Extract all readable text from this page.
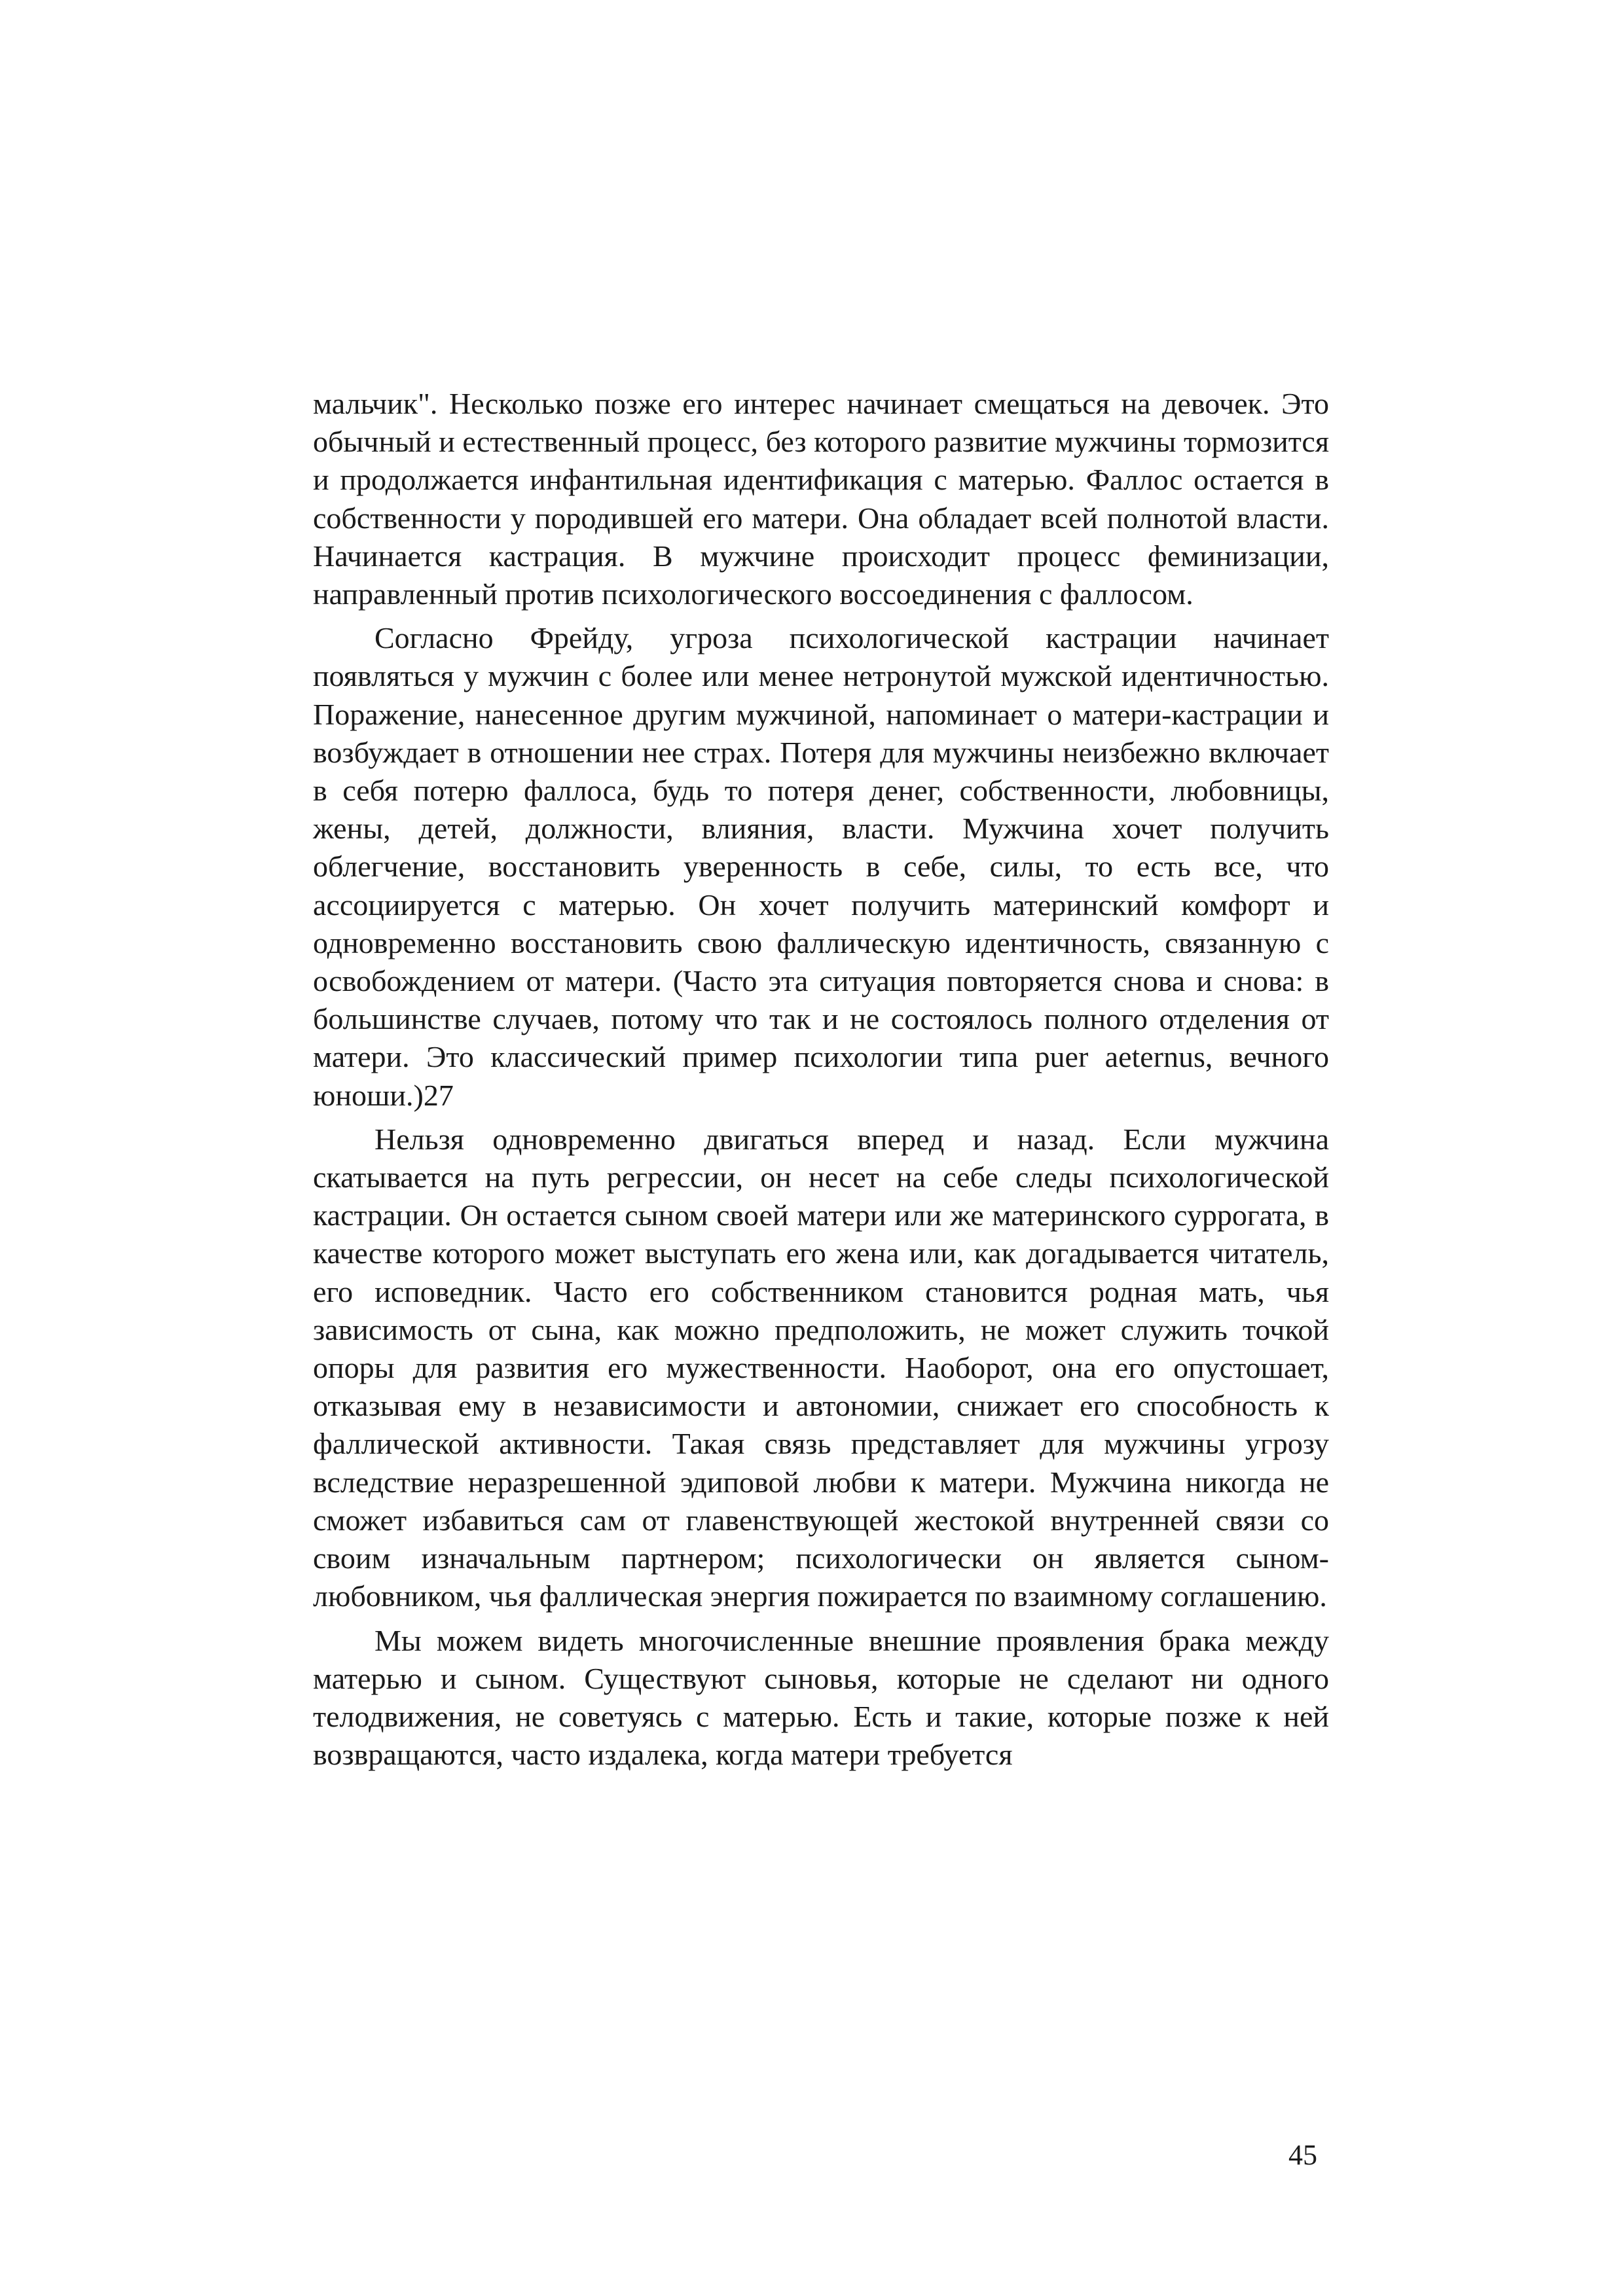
мальчик". Несколько позже его интерес начинает смещаться на девочек. Это обычный и естественный процесс, без которого развитие мужчины тормозится и продолжается инфантильная идентификация с матерью. Фаллос остается в собственности у породившей его матери. Она обладает всей полнотой власти. Начинается кастрация. В мужчине происходит процесс феминизации, направленный против психологического воссоединения с фаллосом.

Согласно Фрейду, угроза психологической кастрации начинает появляться у мужчин с более или менее нетронутой мужской идентичностью. Поражение, нанесенное другим мужчиной, напоминает о матери-кастрации и возбуждает в отношении нее страх. Потеря для мужчины неизбежно включает в себя потерю фаллоса, будь то потеря денег, собственности, любовницы, жены, детей, должности, влияния, власти. Мужчина хочет получить облегчение, восстановить уверенность в себе, силы, то есть все, что ассоциируется с матерью. Он хочет получить материнский комфорт и одновременно восстановить свою фаллическую идентичность, связанную с освобождением от матери. (Часто эта ситуация повторяется снова и снова: в большинстве случаев, потому что так и не состоялось полного отделения от матери. Это классический пример психологии типа puer aeternus, вечного юноши.)27

Нельзя одновременно двигаться вперед и назад. Если мужчина скатывается на путь регрессии, он несет на себе следы психологической кастрации. Он остается сыном своей матери или же материнского суррогата, в качестве которого может выступать его жена или, как догадывается читатель, его исповедник. Часто его собственником становится родная мать, чья зависимость от сына, как можно предположить, не может служить точкой опоры для развития его мужественности. Наоборот, она его опустошает, отказывая ему в независимости и автономии, снижает его способность к фаллической активности. Такая связь представляет для мужчины угрозу вследствие неразрешенной эдиповой любви к матери. Мужчина никогда не сможет избавиться сам от главенствующей жестокой внутренней связи со своим изначальным партнером; психологически он является сыном-любовником, чья фаллическая энергия пожирается по взаимному соглашению.

Мы можем видеть многочисленные внешние проявления брака между матерью и сыном. Существуют сыновья, которые не сделают ни одного телодвижения, не советуясь с матерью. Есть и такие, которые позже к ней возвращаются, часто издалека, когда матери требуется

45
